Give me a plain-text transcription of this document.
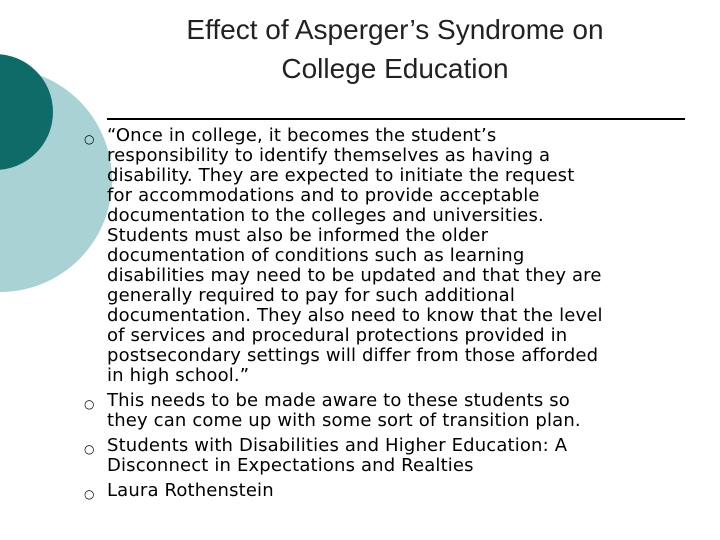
Effect of Asperger’s Syndrome on
College Education
○ “Once in college, it becomes the student’s
responsibility to identify themselves as having a
disability. They are expected to initiate the request
for accommodations and to provide acceptable
documentation to the colleges and universities.
Students must also be informed the older
documentation of conditions such as learning
disabilities may need to be updated and that they are
generally required to pay for such additional
documentation. They also need to know that the level
of services and procedural protections provided in
postsecondary settings will differ from those afforded
in high school.”
○ This needs to be made aware to these students so
they can come up with some sort of transition plan.
○ Students with Disabilities and Higher Education: A
Disconnect in Expectations and Realties
○ Laura Rothenstein
